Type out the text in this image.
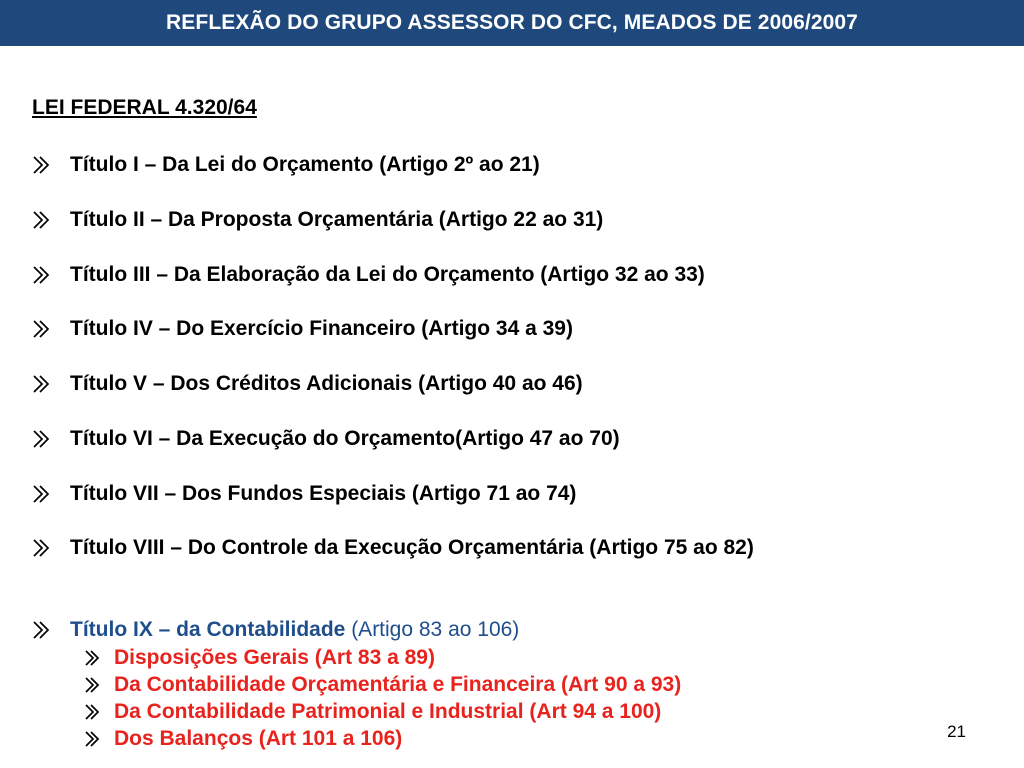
REFLEXÃO DO GRUPO ASSESSOR DO CFC, MEADOS DE 2006/2007
LEI FEDERAL 4.320/64
Título I – Da Lei do Orçamento (Artigo 2º ao 21)
Título II – Da Proposta Orçamentária (Artigo 22 ao 31)
Título III – Da Elaboração da Lei do Orçamento (Artigo 32 ao 33)
Título IV – Do Exercício Financeiro (Artigo 34 a 39)
Título V – Dos Créditos Adicionais (Artigo 40 ao 46)
Título VI – Da Execução do Orçamento(Artigo 47 ao 70)
Título VII – Dos Fundos Especiais (Artigo 71 ao 74)
Título VIII – Do Controle da Execução Orçamentária (Artigo 75 ao 82)
Título IX – da Contabilidade (Artigo 83 ao 106)
Disposições Gerais (Art 83 a 89)
Da Contabilidade Orçamentária e Financeira (Art 90 a 93)
Da Contabilidade Patrimonial e Industrial (Art 94 a 100)
Dos Balanços (Art 101 a 106)	21
